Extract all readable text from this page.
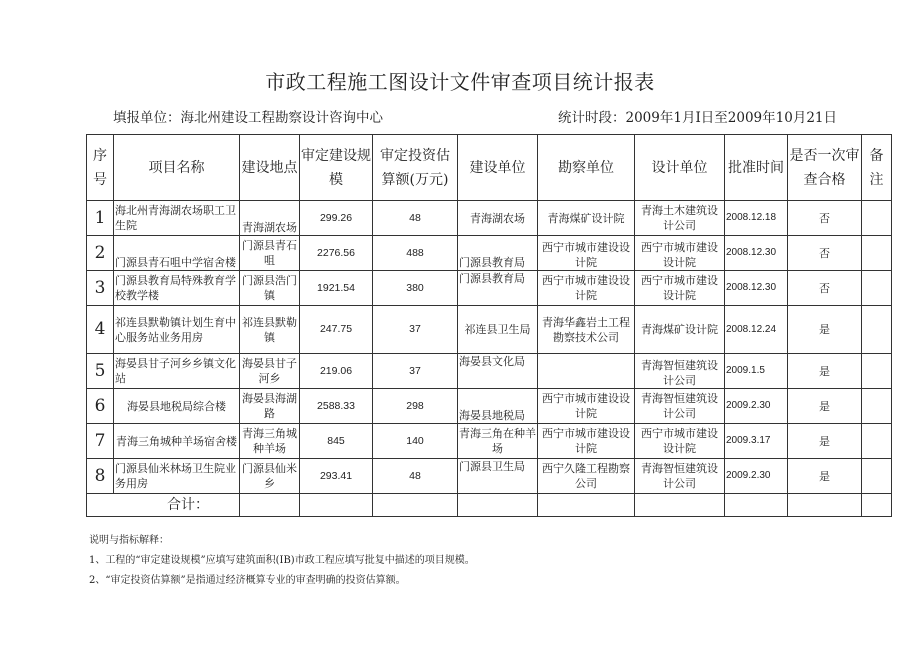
市政工程施工图设计文件审查项目统计报表
填报单位：海北州建设工程勘察设计咨询中心	统计时段：2009年1月I日至2009年10月21日
序号	项目名称	建设地点	审定建设规模	审定投资估算额(万元)	建设单位	勘察单位	设计单位	批准时间	是否一次审查合格	备注
1	海北州青海湖农场职工卫生院	青海湖农场	299.26	48	青海湖农场	青海煤矿设计院	青海土木建筑设计公司	2008.12.18	否	
2	门源县青石咀中学宿舍楼	门源县青石咀	2276.56	488	门源县教育局	西宁市城市建设设计院	西宁市城市建设设计院	2008.12.30	否	
3	门源县教育局特殊教育学校教学楼	门源县浩门镇	1921.54	380	门源县教育局	西宁市城市建设设计院	西宁市城市建设设计院	2008.12.30	否	
4	祁连县默勒镇计划生育中心服务站业务用房	祁连县默勒镇	247.75	37	祁连县卫生局	青海华鑫岩土工程勘察技术公司	青海煤矿设计院	2008.12.24	是	
5	海晏县甘子河乡乡镇文化站	海晏县甘子河乡	219.06	37	海晏县文化局		青海智恒建筑设计公司	2009.1.5	是	
6	海晏县地税局综合楼	海晏县海湖路	2588.33	298	海晏县地税局	西宁市城市建设设计院	青海智恒建筑设计公司	2009.2.30	是	
7	青海三角城种羊场宿舍楼	青海三角城种羊场	845	140	青海三角在种羊场	西宁市城市建设设计院	西宁市城市建设设计院	2009.3.17	是	
8	门源县仙米林场卫生院业务用房	门源县仙米乡	293.41	48	门源县卫生局	西宁久隆工程勘察公司	青海智恒建筑设计公司	2009.2.30	是	
合计：										
说明与指标解释：
1、工程的“审定建设规模”应填写建筑面积(IB)市政工程应填写批复中描述的项目规模。
2、“审定投资估算额”是指通过经济概算专业的审查明确的投资估算额。
